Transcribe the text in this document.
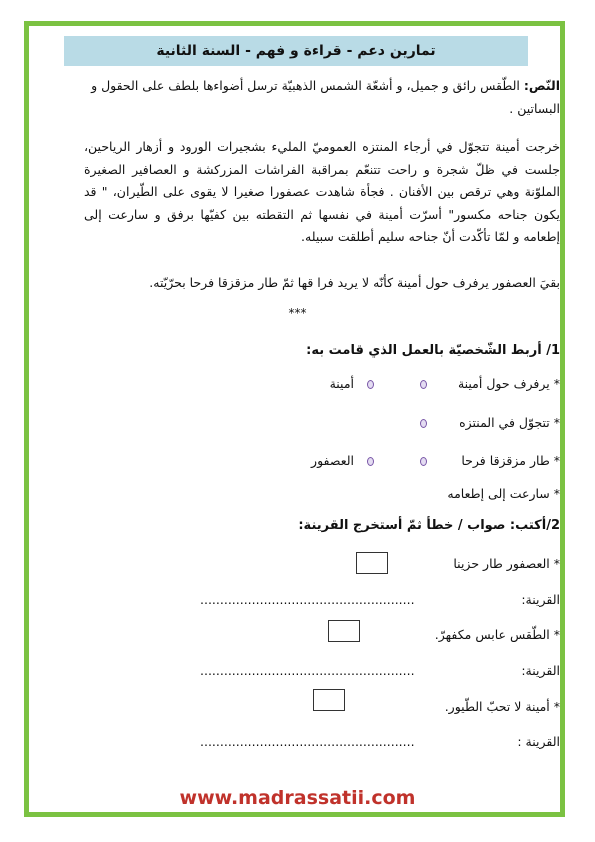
تمارين دعم - قراءة و فهم - السنة الثانية
النّص: الطّقس رائق و جميل، و أشعّة الشمس الذهبيّة ترسل أضواءها بلطف على الحقول و البساتين .
خرجت أمينة تتجوّل في أرجاء المنتزه العموميّ المليء بشجيرات الورود و أزهار الرياحين، جلست في ظلّ شجرة و راحت تتنعّم بمراقبة الفراشات المزركشة و العصافير الصغيرة الملوّنة وهي ترقص بين الأفنان . فجأة شاهدت عصفورا صغيرا لا يقوى على الطّيران، " قد يكون جناحه مكسور" أسرّت أمينة في نفسها ثم التقطته بين كفيّها برفق و سارعت إلى إطعامه و لمّا تأكّدت أنّ جناحه سليم أطلقت سبيله.
بقيَ العصفور يرفرف حول أمينة كأنّه لا يريد فرا قها ثمّ طار مزقزقا فرحا بحرّيّته.
***
1/ أربط الشّخصيّة بالعمل الذي قامت به:
* يرفرف حول أمينة
أمينة
* تتجوّل في المنتزه
* طار مزقزقا فرحا
العصفور
* سارعت إلى إطعامه
2/أكتب: صواب / خطأ ثمّ أستخرج القرينة:
* العصفور طار حزينا
القرينة:
......................................................
* الطّقس عابس مكفهرّ.
القرينة:
......................................................
* أمينة لا تحبّ الطّيور.
القرينة :
......................................................
www.madrassatii.com
